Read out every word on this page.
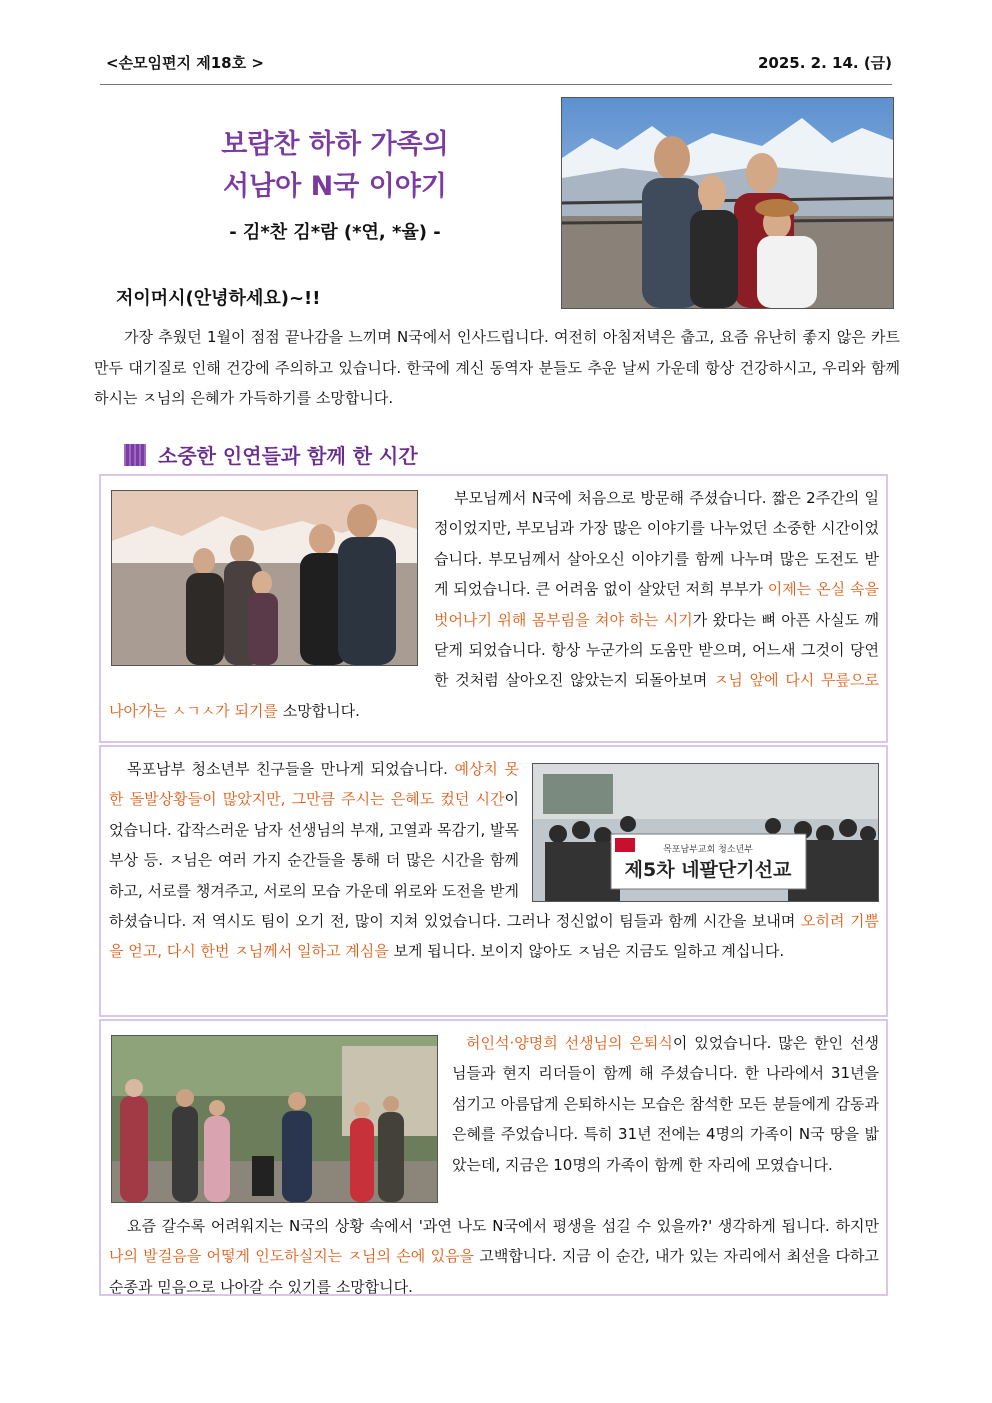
<손모임편지 제18호 >	2025. 2. 14. (금)
보람찬 하하 가족의
서남아 N국 이야기
- 김*찬 김*람 (*연, *율) -
저이머시(안녕하세요)~!!
가장 추웠던 1월이 점점 끝나감을 느끼며 N국에서 인사드립니다. 여전히 아침저녁은 춥고, 요즘 유난히 좋지 않은 카트만두 대기질로 인해 건강에 주의하고 있습니다. 한국에 계신 동역자 분들도 추운 날씨 가운데 항상 건강하시고, 우리와 함께 하시는 ㅈ님의 은혜가 가득하기를 소망합니다.
소중한 인연들과 함께 한 시간
부모님께서 N국에 처음으로 방문해 주셨습니다. 짧은 2주간의 일정이었지만, 부모님과 가장 많은 이야기를 나누었던 소중한 시간이었습니다. 부모님께서 살아오신 이야기를 함께 나누며 많은 도전도 받게 되었습니다. 큰 어려움 없이 살았던 저희 부부가 이제는 온실 속을 벗어나기 위해 몸부림을 쳐야 하는 시기가 왔다는 뼈 아픈 사실도 깨닫게 되었습니다. 항상 누군가의 도움만 받으며, 어느새 그것이 당연한 것처럼 살아오진 않았는지 되돌아보며 ㅈ님 앞에 다시 무릎으로 나아가는 ㅅㄱㅅ가 되기를 소망합니다.
목포남부교회 청소년부
제5차 네팔단기선교
목포남부 청소년부 친구들을 만나게 되었습니다. 예상치 못한 돌발상황들이 많았지만, 그만큼 주시는 은혜도 컸던 시간이었습니다. 갑작스러운 남자 선생님의 부재, 고열과 목감기, 발목부상 등. ㅈ님은 여러 가지 순간들을 통해 더 많은 시간을 함께 하고, 서로를 챙겨주고, 서로의 모습 가운데 위로와 도전을 받게 하셨습니다. 저 역시도 팀이 오기 전, 많이 지쳐 있었습니다. 그러나 정신없이 팀들과 함께 시간을 보내며 오히려 기쁨을 얻고, 다시 한번 ㅈ님께서 일하고 계심을 보게 됩니다. 보이지 않아도 ㅈ님은 지금도 일하고 계십니다.
허인석·양명희 선생님의 은퇴식이 있었습니다. 많은 한인 선생님들과 현지 리더들이 함께 해 주셨습니다. 한 나라에서 31년을 섬기고 아름답게 은퇴하시는 모습은 참석한 모든 분들에게 감동과 은혜를 주었습니다. 특히 31년 전에는 4명의 가족이 N국 땅을 밟았는데, 지금은 10명의 가족이 함께 한 자리에 모였습니다.
요즘 갈수록 어려워지는 N국의 상황 속에서 '과연 나도 N국에서 평생을 섬길 수 있을까?' 생각하게 됩니다. 하지만 나의 발걸음을 어떻게 인도하실지는 ㅈ님의 손에 있음을 고백합니다. 지금 이 순간, 내가 있는 자리에서 최선을 다하고 순종과 믿음으로 나아갈 수 있기를 소망합니다.
